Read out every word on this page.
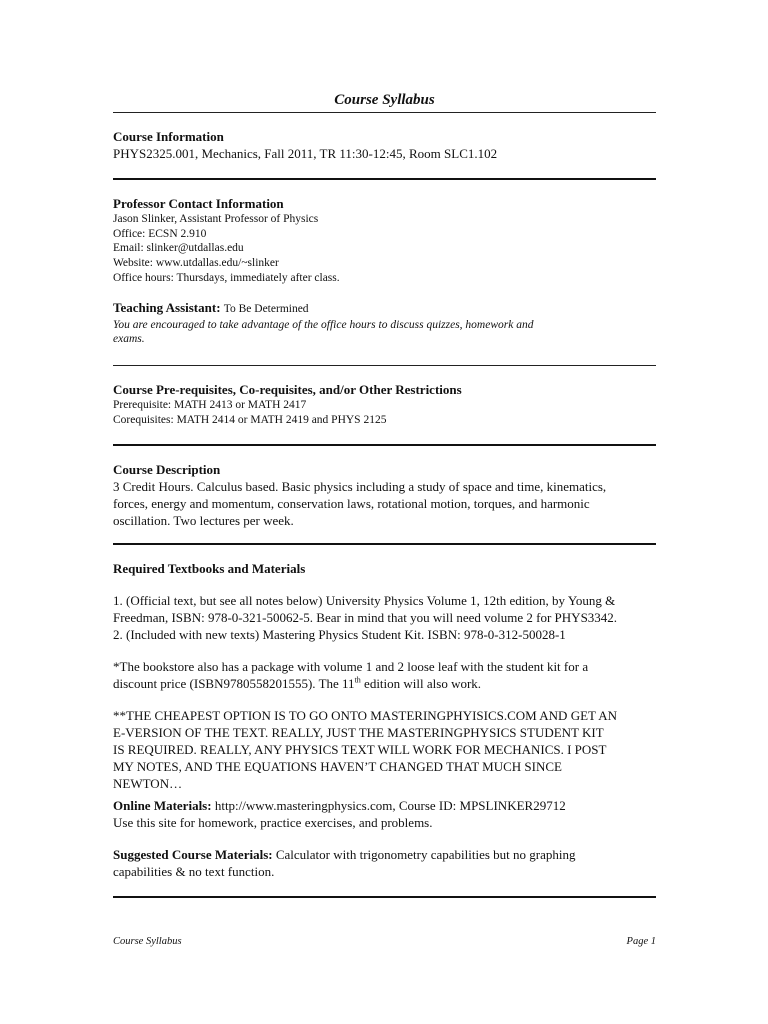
Course Syllabus

Course Information

PHYS2325.001, Mechanics, Fall 2011, TR 11:30-12:45, Room SLC1.102

Professor Contact Information

Jason Slinker, Assistant Professor of Physics

Office: ECSN 2.910

Email: slinker@utdallas.edu

Website: www.utdallas.edu/~slinker

Office hours: Thursdays, immediately after class.

Teaching Assistant: To Be Determined

You are encouraged to take advantage of the office hours to discuss quizzes, homework and

exams.

Course Pre-requisites, Co-requisites, and/or Other Restrictions

Prerequisite: MATH 2413 or MATH 2417

Corequisites: MATH 2414 or MATH 2419 and PHYS 2125

Course Description

3 Credit Hours. Calculus based. Basic physics including a study of space and time, kinematics,

forces, energy and momentum, conservation laws, rotational motion, torques, and harmonic

oscillation. Two lectures per week.

Required Textbooks and Materials

1. (Official text, but see all notes below) University Physics Volume 1, 12th edition, by Young &

Freedman, ISBN: 978-0-321-50062-5. Bear in mind that you will need volume 2 for PHYS3342.

2. (Included with new texts) Mastering Physics Student Kit. ISBN: 978-0-312-50028-1

*The bookstore also has a package with volume 1 and 2 loose leaf with the student kit for a

discount price (ISBN9780558201555). The 11th edition will also work.

**THE CHEAPEST OPTION IS TO GO ONTO MASTERINGPHYISICS.COM AND GET AN

E-VERSION OF THE TEXT. REALLY, JUST THE MASTERINGPHYSICS STUDENT KIT

IS REQUIRED. REALLY, ANY PHYSICS TEXT WILL WORK FOR MECHANICS. I POST

MY NOTES, AND THE EQUATIONS HAVEN’T CHANGED THAT MUCH SINCE

NEWTON…

Online Materials: http://www.masteringphysics.com, Course ID: MPSLINKER29712

Use this site for homework, practice exercises, and problems.

Suggested Course Materials: Calculator with trigonometry capabilities but no graphing

capabilities & no text function.

Course Syllabus	Page 1
